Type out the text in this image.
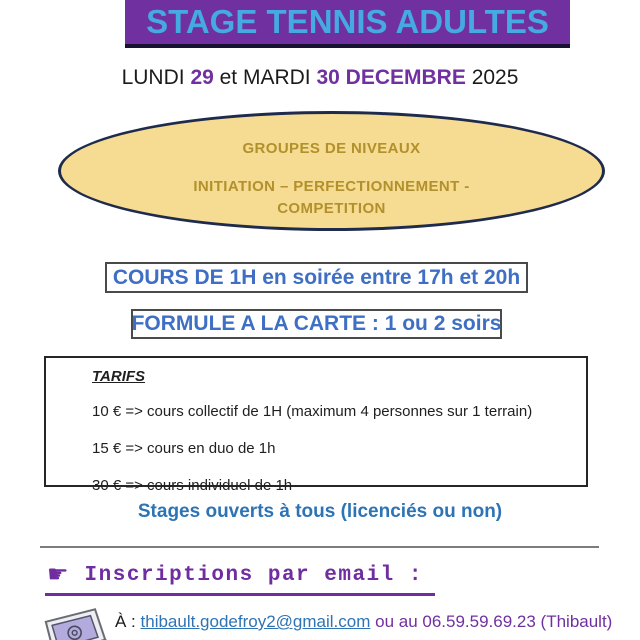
STAGE TENNIS ADULTES
LUNDI 29 et MARDI 30 DECEMBRE 2025
GROUPES DE NIVEAUX
INITIATION – PERFECTIONNEMENT -
COMPETITION
COURS DE 1H en soirée entre 17h et 20h
FORMULE A LA CARTE : 1 ou 2 soirs
TARIFS
10 € => cours collectif de 1H (maximum 4 personnes sur 1 terrain)
15 € => cours en duo de 1h
30 € => cours individuel de 1h
Stages ouverts à tous (licenciés ou non)
☛ Inscriptions par email :
À : thibault.godefroy2@gmail.com ou au 06.59.59.69.23 (Thibault)
